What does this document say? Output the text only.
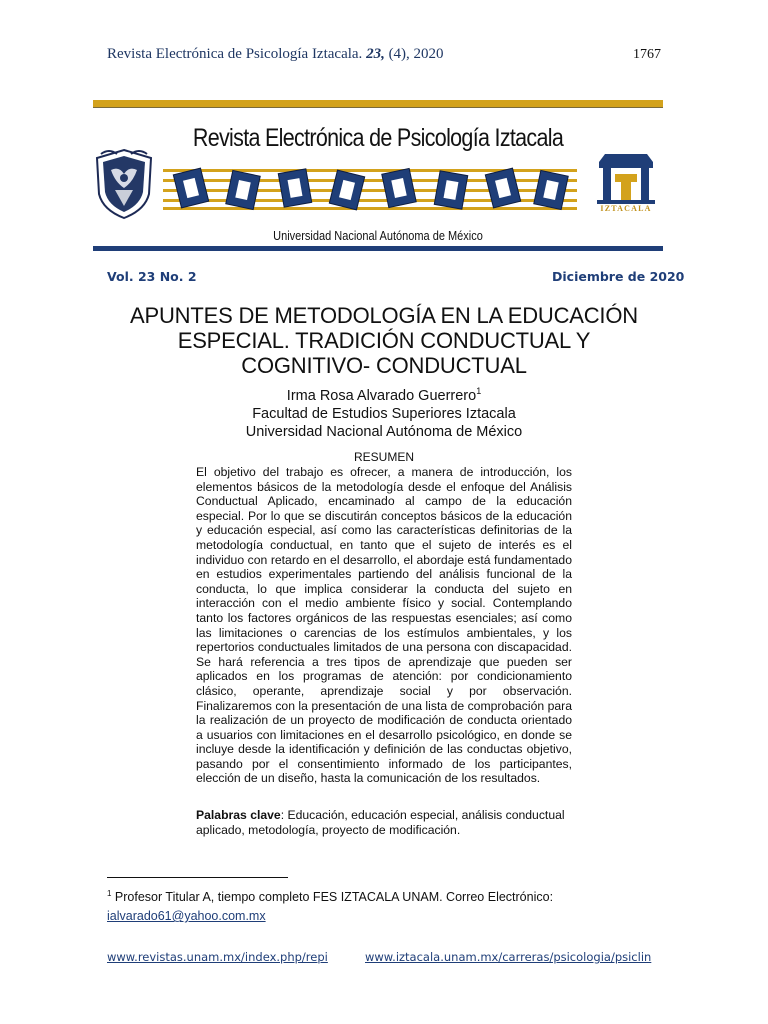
Revista Electrónica de Psicología Iztacala. 23, (4), 2020	1767
Revista Electrónica de Psicología Iztacala
IZTACALA
Universidad Nacional Autónoma de México
Vol. 23 No. 2	Diciembre de 2020
APUNTES DE METODOLOGÍA EN LA EDUCACIÓN
ESPECIAL. TRADICIÓN CONDUCTUAL Y
COGNITIVO- CONDUCTUAL
Irma Rosa Alvarado Guerrero$^1$
Facultad de Estudios Superiores Iztacala
Universidad Nacional Autónoma de México
RESUMEN
El objetivo del trabajo es ofrecer, a manera de introducción, los elementos básicos de la metodología desde el enfoque del Análisis Conductual Aplicado, encaminado al campo de la educación especial. Por lo que se discutirán conceptos básicos de la educación y educación especial, así como las características definitorias de la metodología conductual, en tanto que el sujeto de interés es el individuo con retardo en el desarrollo, el abordaje está fundamentado en estudios experimentales partiendo del análisis funcional de la conducta, lo que implica considerar la conducta del sujeto en interacción con el medio ambiente físico y social. Contemplando tanto los factores orgánicos de las respuestas esenciales; así como las limitaciones o carencias de los estímulos ambientales, y los repertorios conductuales limitados de una persona con discapacidad. Se hará referencia a tres tipos de aprendizaje que pueden ser aplicados en los programas de atención: por condicionamiento clásico, operante, aprendizaje social y por observación. Finalizaremos con la presentación de una lista de comprobación para la realización de un proyecto de modificación de conducta orientado a usuarios con limitaciones en el desarrollo psicológico, en donde se incluye desde la identificación y definición de las conductas objetivo, pasando por el consentimiento informado de los participantes, elección de un diseño, hasta la comunicación de los resultados.
Palabras clave: Educación, educación especial, análisis conductual aplicado, metodología, proyecto de modificación.
$^1$ Profesor Titular A, tiempo completo FES IZTACALA UNAM. Correo Electrónico:
ialvarado61@yahoo.com.mx
www.revistas.unam.mx/index.php/repi	www.iztacala.unam.mx/carreras/psicologia/psiclin
